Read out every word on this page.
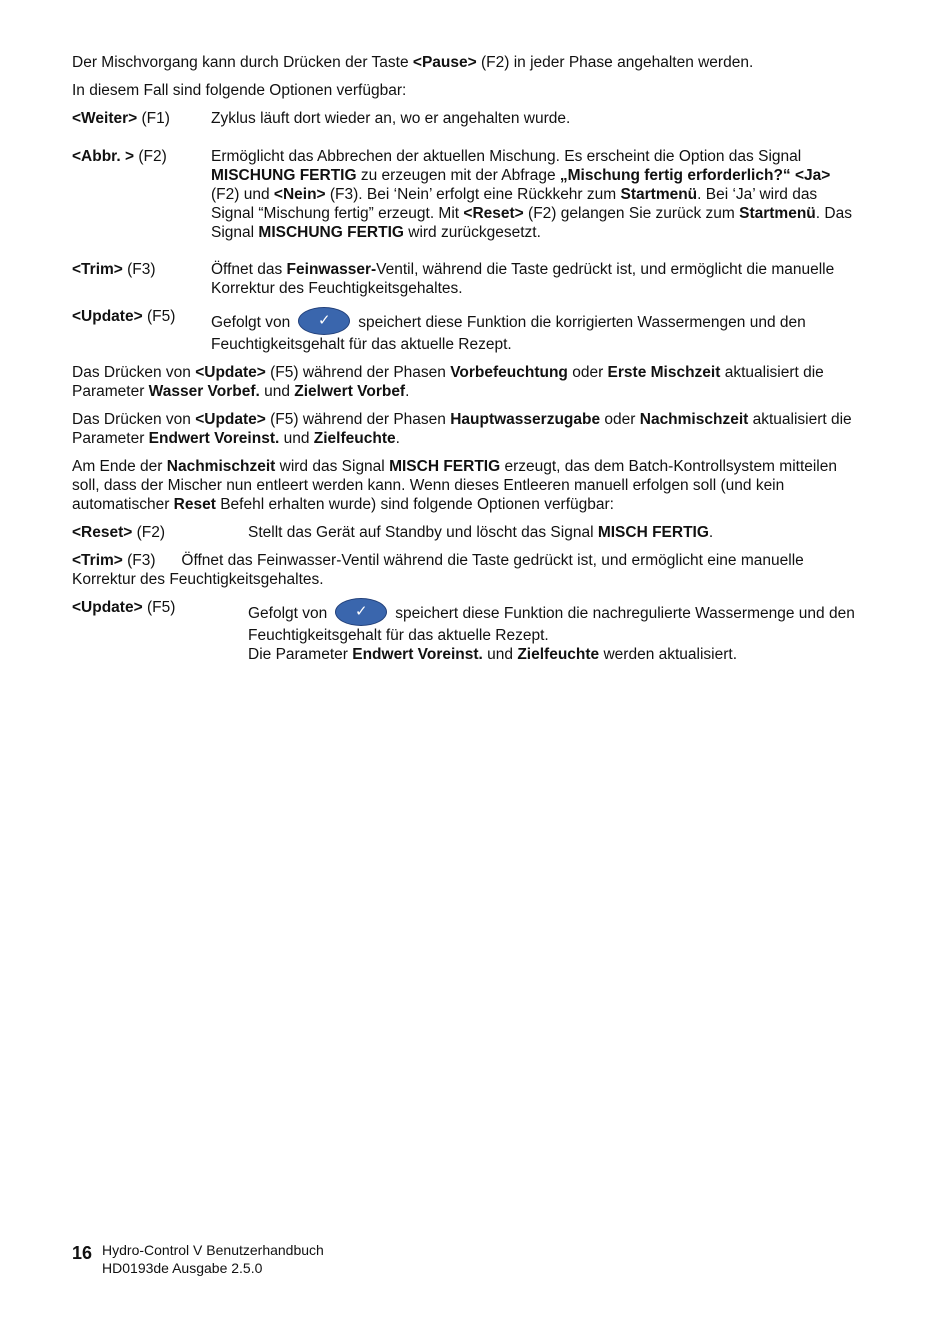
Der Mischvorgang kann durch Drücken der Taste <Pause> (F2) in jeder Phase angehalten werden.

In diesem Fall sind folgende Optionen verfügbar:

<Weiter> (F1)	Zyklus läuft dort wieder an, wo er angehalten wurde.
<Abbr. > (F2)	Ermöglicht das Abbrechen der aktuellen Mischung. Es erscheint die Option das Signal MISCHUNG FERTIG zu erzeugen mit der Abfrage „Mischung fertig erforderlich?“ <Ja> (F2) und <Nein> (F3). Bei ‘Nein’ erfolgt eine Rückkehr zum Startmenü. Bei ‘Ja’ wird das Signal “Mischung fertig” erzeugt. Mit <Reset> (F2) gelangen Sie zurück zum Startmenü. Das Signal MISCHUNG FERTIG wird zurückgesetzt.
<Trim> (F3)	Öffnet das Feinwasser-Ventil, während die Taste gedrückt ist, und ermöglicht die manuelle Korrektur des Feuchtigkeitsgehaltes.
<Update> (F5)	Gefolgt von	✓	speichert diese Funktion die korrigierten Wassermengen und den Feuchtigkeitsgehalt für das aktuelle Rezept.

Das Drücken von <Update> (F5) während der Phasen Vorbefeuchtung oder Erste Mischzeit aktualisiert die Parameter Wasser Vorbef. und Zielwert Vorbef.

Das Drücken von <Update> (F5) während der Phasen Hauptwasserzugabe oder Nachmischzeit aktualisiert die Parameter Endwert Voreinst. und Zielfeuchte.

Am Ende der Nachmischzeit wird das Signal MISCH FERTIG erzeugt, das dem Batch-Kontrollsystem mitteilen soll, dass der Mischer nun entleert werden kann. Wenn dieses Entleeren manuell erfolgen soll (und kein automatischer Reset Befehl erhalten wurde) sind folgende Optionen verfügbar:

<Reset> (F2)	Stellt das Gerät auf Standby und löscht das Signal MISCH FERTIG.

<Trim> (F3) Öffnet das Feinwasser-Ventil während die Taste gedrückt ist, und ermöglicht eine manuelle Korrektur des Feuchtigkeitsgehaltes.

<Update> (F5)	Gefolgt von	✓	speichert diese Funktion die nachregulierte Wassermenge und den Feuchtigkeitsgehalt für das aktuelle Rezept.
Die Parameter Endwert Voreinst. und Zielfeuchte werden aktualisiert.
16 Hydro-Control V Benutzerhandbuch
HD0193de Ausgabe 2.5.0
